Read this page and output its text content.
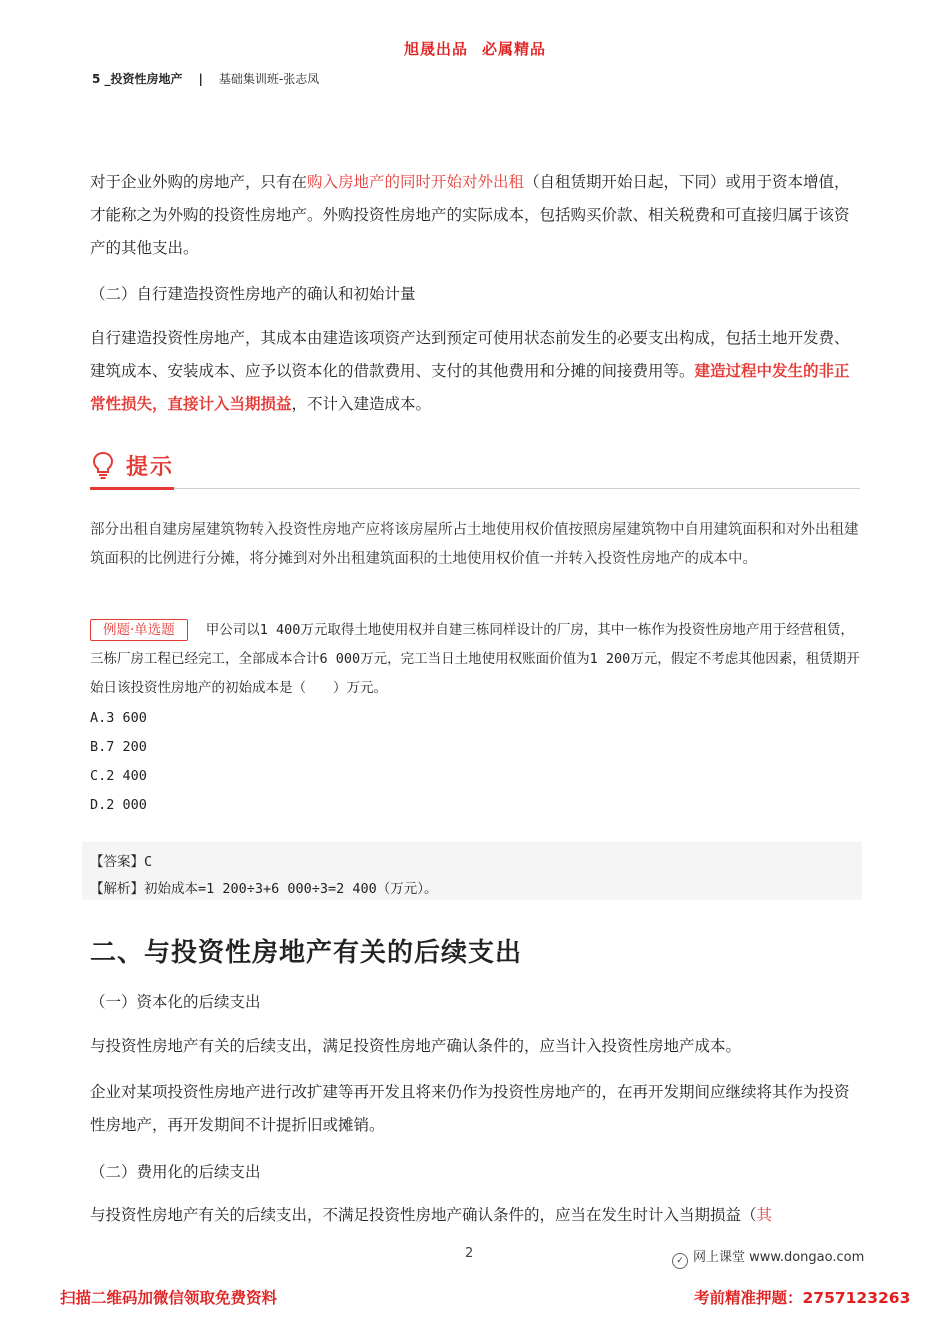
旭晟出品 必属精品
5 _投资性房地产 | 基础集训班-张志凤
对于企业外购的房地产，只有在购入房地产的同时开始对外出租（自租赁期开始日起，下同）或用于资本增值，才能称之为外购的投资性房地产。外购投资性房地产的实际成本，包括购买价款、相关税费和可直接归属于该资产的其他支出。
（二）自行建造投资性房地产的确认和初始计量
自行建造投资性房地产，其成本由建造该项资产达到预定可使用状态前发生的必要支出构成，包括土地开发费、建筑成本、安装成本、应予以资本化的借款费用、支付的其他费用和分摊的间接费用等。建造过程中发生的非正常性损失，直接计入当期损益，不计入建造成本。
提示
部分出租自建房屋建筑物转入投资性房地产应将该房屋所占土地使用权价值按照房屋建筑物中自用建筑面积和对外出租建筑面积的比例进行分摊，将分摊到对外出租建筑面积的土地使用权价值一并转入投资性房地产的成本中。
例题·单选题 甲公司以1 400万元取得土地使用权并自建三栋同样设计的厂房，其中一栋作为投资性房地产用于经营租赁，三栋厂房工程已经完工，全部成本合计6 000万元，完工当日土地使用权账面价值为1 200万元，假定不考虑其他因素，租赁期开始日该投资性房地产的初始成本是（　　）万元。
A.3 600
B.7 200
C.2 400
D.2 000
【答案】C
【解析】初始成本=1 200÷3+6 000÷3=2 400（万元）。
二、与投资性房地产有关的后续支出
（一）资本化的后续支出
与投资性房地产有关的后续支出，满足投资性房地产确认条件的，应当计入投资性房地产成本。
企业对某项投资性房地产进行改扩建等再开发且将来仍作为投资性房地产的，在再开发期间应继续将其作为投资性房地产，再开发期间不计提折旧或摊销。
（二）费用化的后续支出
与投资性房地产有关的后续支出，不满足投资性房地产确认条件的，应当在发生时计入当期损益（其
2	✓ 网上课堂 www.dongao.com
扫描二维码加微信领取免费资料	考前精准押题：2757123263
